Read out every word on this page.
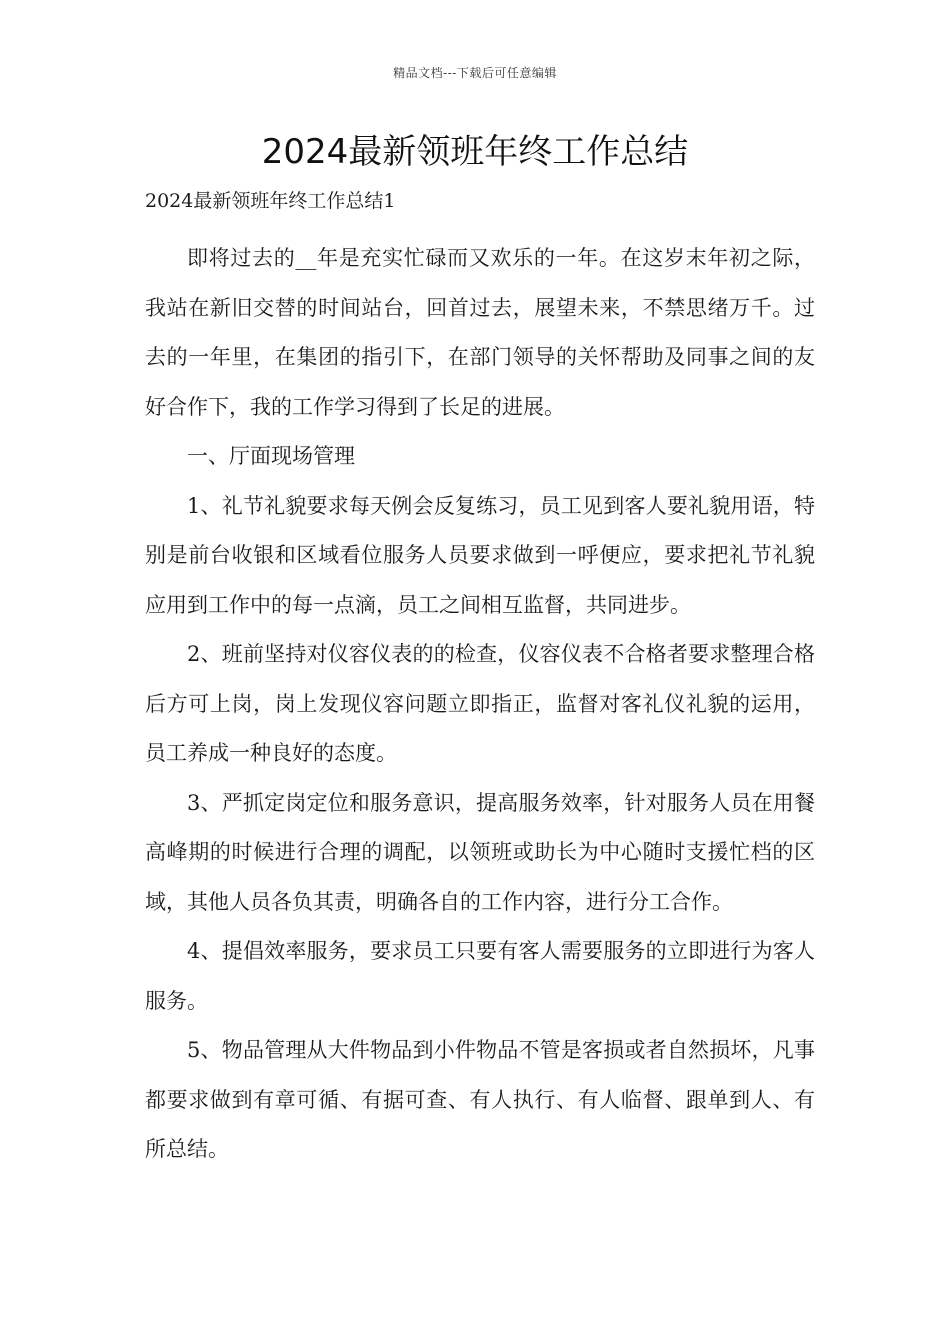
精品文档---下载后可任意编辑
2024最新领班年终工作总结

2024最新领班年终工作总结1

即将过去的__年是充实忙碌而又欢乐的一年。在这岁末年初之际，我站在新旧交替的时间站台，回首过去，展望未来，不禁思绪万千。过去的一年里，在集团的指引下，在部门领导的关怀帮助及同事之间的友好合作下，我的工作学习得到了长足的进展。

一、厅面现场管理

1、礼节礼貌要求每天例会反复练习，员工见到客人要礼貌用语，特别是前台收银和区域看位服务人员要求做到一呼便应，要求把礼节礼貌应用到工作中的每一点滴，员工之间相互监督，共同进步。

2、班前坚持对仪容仪表的的检查，仪容仪表不合格者要求整理合格后方可上岗，岗上发现仪容问题立即指正，监督对客礼仪礼貌的运用，员工养成一种良好的态度。

3、严抓定岗定位和服务意识，提高服务效率，针对服务人员在用餐高峰期的时候进行合理的调配，以领班或助长为中心随时支援忙档的区域，其他人员各负其责，明确各自的工作内容，进行分工合作。

4、提倡效率服务，要求员工只要有客人需要服务的立即进行为客人服务。

5、物品管理从大件物品到小件物品不管是客损或者自然损坏，凡事都要求做到有章可循、有据可查、有人执行、有人临督、跟单到人、有所总结。
